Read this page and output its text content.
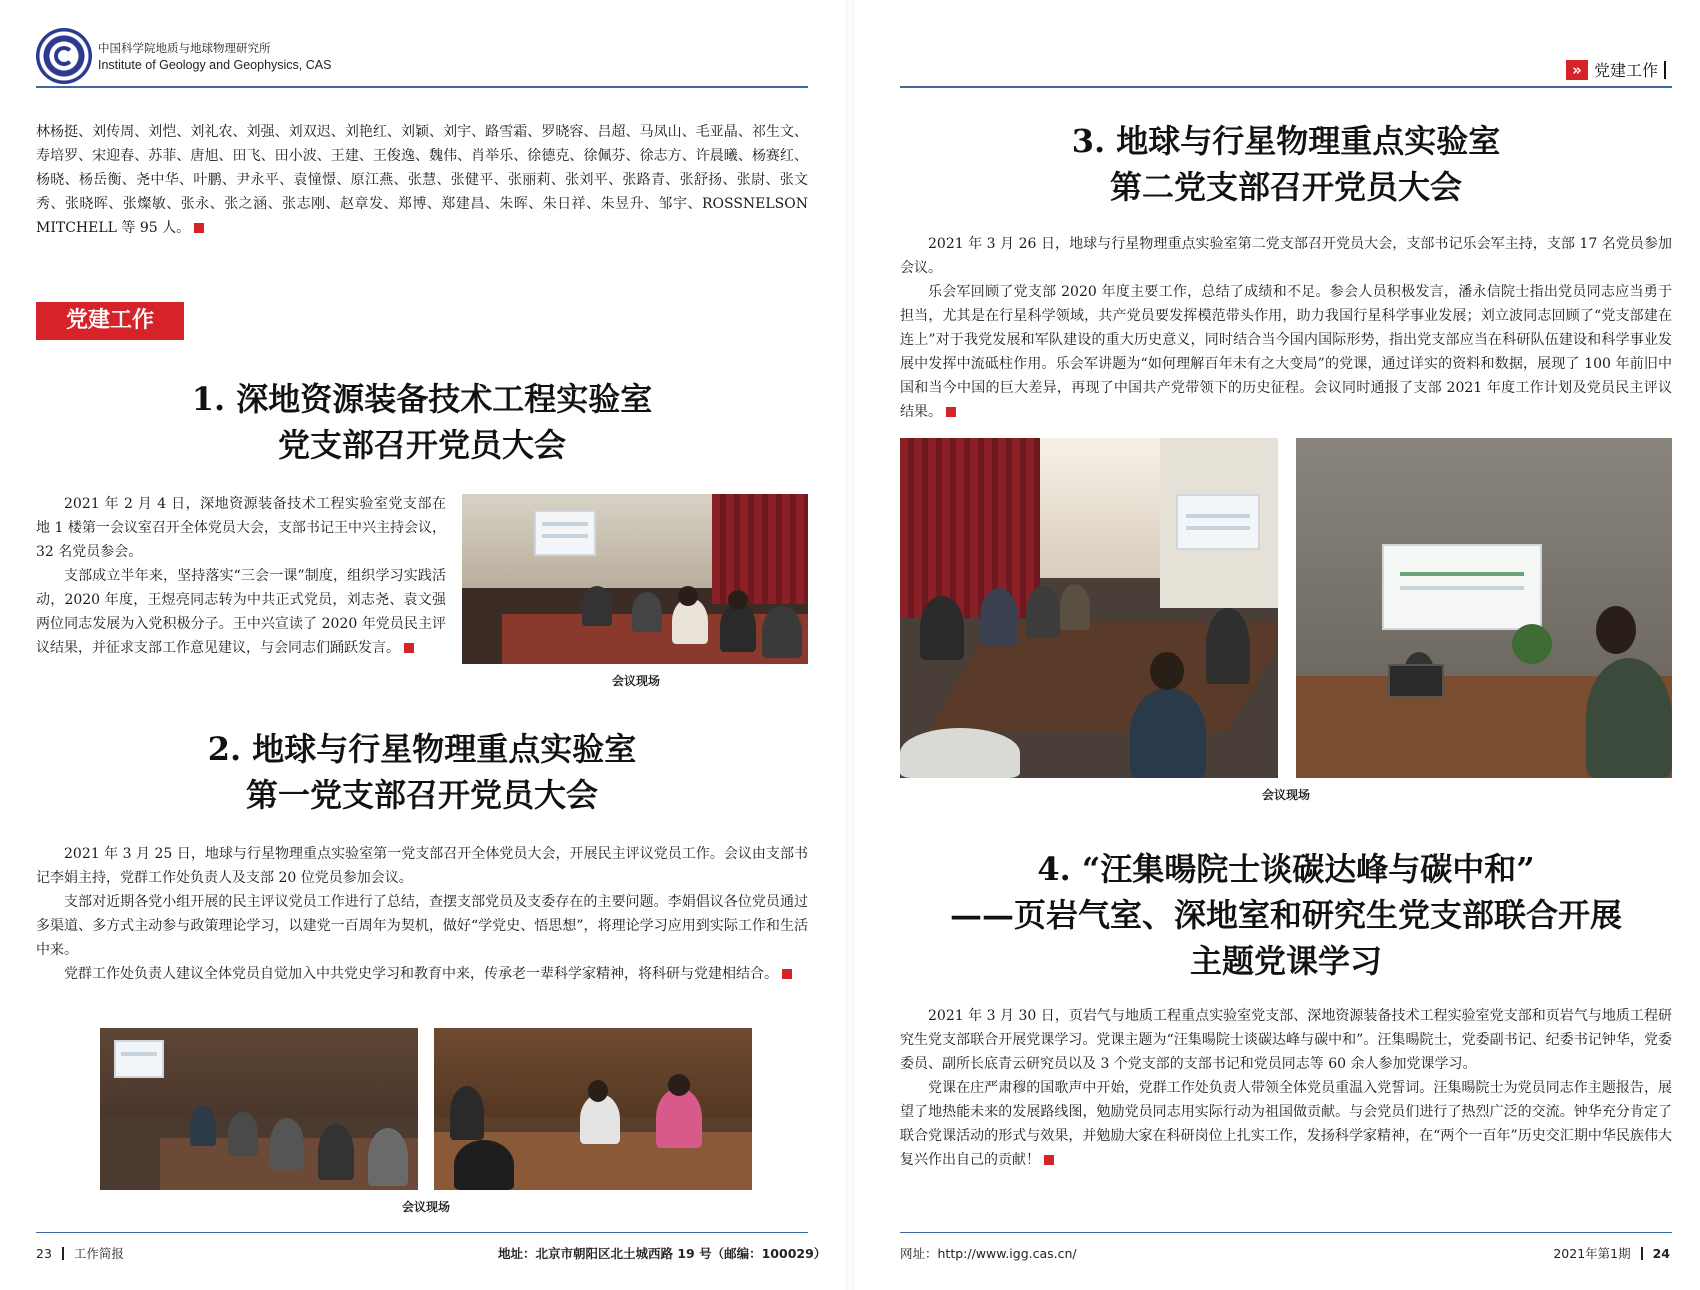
中国科学院地质与地球物理研究所
Institute of Geology and Geophysics, CAS

林杨挺、刘传周、刘恺、刘礼农、刘强、刘双迟、刘艳红、刘颖、刘宇、路雪霜、罗晓容、吕超、马凤山、毛亚晶、祁生文、寿培罗、宋迎春、苏菲、唐旭、田飞、田小波、王建、王俊逸、魏伟、肖举乐、徐德克、徐佩芬、徐志方、许晨曦、杨赛红、杨晓、杨岳衡、尧中华、叶鹏、尹永平、袁憧憬、原江燕、张慧、张健平、张丽莉、张刘平、张路青、张舒扬、张尉、张文秀、张晓晖、张燦敏、张永、张之涵、张志刚、赵章发、郑博、郑建昌、朱晖、朱日祥、朱昱升、邹宇、ROSSNELSON MITCHELL 等 95 人。

党建工作
1. 深地资源装备技术工程实验室
党支部召开党员大会

2021 年 2 月 4 日，深地资源装备技术工程实验室党支部在地 1 楼第一会议室召开全体党员大会，支部书记王中兴主持会议，32 名党员参会。

支部成立半年来，坚持落实“三会一课”制度，组织学习实践活动，2020 年度，王煜亮同志转为中共正式党员，刘志尧、袁文强两位同志发展为入党积极分子。王中兴宣读了 2020 年党员民主评议结果，并征求支部工作意见建议，与会同志们踊跃发言。

会议现场
2. 地球与行星物理重点实验室
第一党支部召开党员大会

2021 年 3 月 25 日，地球与行星物理重点实验室第一党支部召开全体党员大会，开展民主评议党员工作。会议由支部书记李娟主持，党群工作处负责人及支部 20 位党员参加会议。

支部对近期各党小组开展的民主评议党员工作进行了总结，查摆支部党员及支委存在的主要问题。李娟倡议各位党员通过多渠道、多方式主动参与政策理论学习，以建党一百周年为契机，做好“学党史、悟思想”，将理论学习应用到实际工作和生活中来。

党群工作处负责人建议全体党员自觉加入中共党史学习和教育中来，传承老一辈科学家精神，将科研与党建相结合。

会议现场
23 工作简报	地址：北京市朝阳区北土城西路 19 号（邮编：100029）
» 党建工作
3. 地球与行星物理重点实验室
第二党支部召开党员大会

2021 年 3 月 26 日，地球与行星物理重点实验室第二党支部召开党员大会，支部书记乐会军主持，支部 17 名党员参加会议。

乐会军回顾了党支部 2020 年度主要工作，总结了成绩和不足。参会人员积极发言，潘永信院士指出党员同志应当勇于担当，尤其是在行星科学领域，共产党员要发挥模范带头作用，助力我国行星科学事业发展；刘立波同志回顾了“党支部建在连上”对于我党发展和军队建设的重大历史意义，同时结合当今国内国际形势，指出党支部应当在科研队伍建设和科学事业发展中发挥中流砥柱作用。乐会军讲题为“如何理解百年未有之大变局”的党课，通过详实的资料和数据，展现了 100 年前旧中国和当今中国的巨大差异，再现了中国共产党带领下的历史征程。会议同时通报了支部 2021 年度工作计划及党员民主评议结果。

会议现场
4. “汪集暘院士谈碳达峰与碳中和”
——页岩气室、深地室和研究生党支部联合开展
主题党课学习

2021 年 3 月 30 日，页岩气与地质工程重点实验室党支部、深地资源装备技术工程实验室党支部和页岩气与地质工程研究生党支部联合开展党课学习。党课主题为“汪集暘院士谈碳达峰与碳中和”。汪集暘院士，党委副书记、纪委书记钟华，党委委员、副所长底青云研究员以及 3 个党支部的支部书记和党员同志等 60 余人参加党课学习。

党课在庄严肃穆的国歌声中开始，党群工作处负责人带领全体党员重温入党誓词。汪集暘院士为党员同志作主题报告，展望了地热能未来的发展路线图，勉励党员同志用实际行动为祖国做贡献。与会党员们进行了热烈广泛的交流。钟华充分肯定了联合党课活动的形式与效果，并勉励大家在科研岗位上扎实工作，发扬科学家精神，在“两个一百年”历史交汇期中华民族伟大复兴作出自己的贡献！

网址：http://www.igg.cas.cn/	2021年第1期 24
